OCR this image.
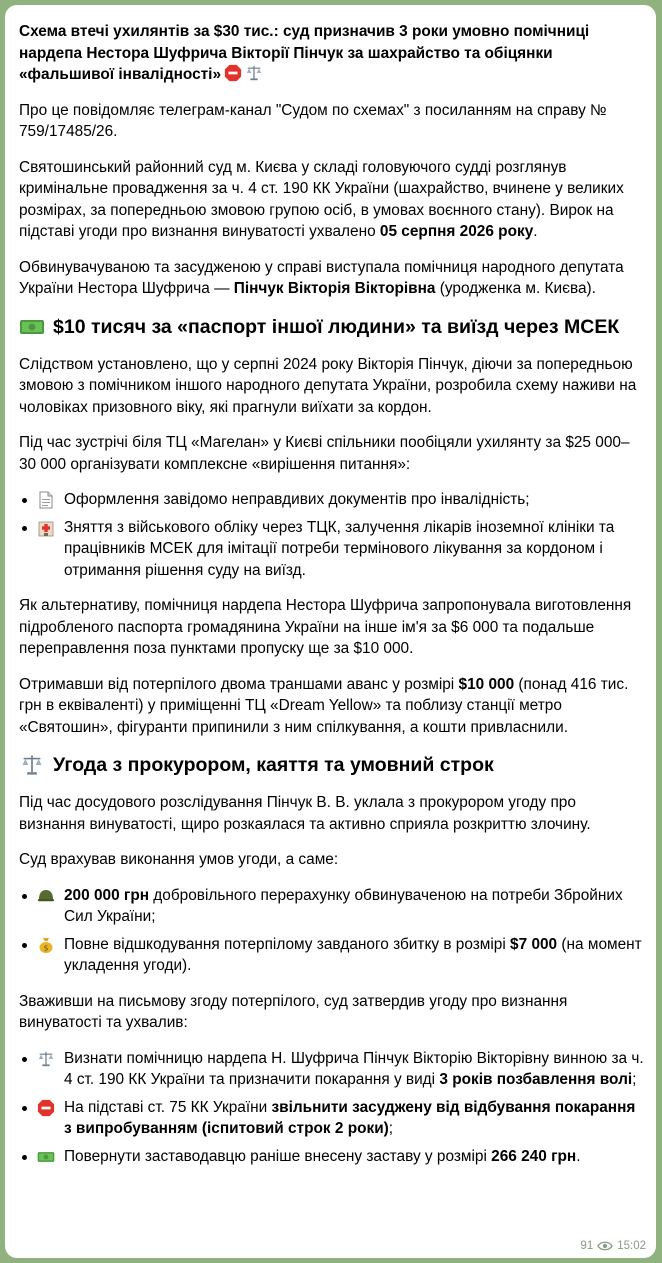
Схема втечі ухилянтів за $30 тис.: суд призначив 3 роки умовно помічниці нардепа Нестора Шуфрича Вікторії Пінчук за шахрайство та обіцянки «фальшивої інвалідності»

Про це повідомляє телеграм-канал "Судом по схемах" з посиланням на справу № 759/17485/26.

Святошинський районний суд м. Києва у складі головуючого судді розглянув кримінальне провадження за ч. 4 ст. 190 КК України (шахрайство, вчинене у великих розмірах, за попередньою змовою групою осіб, в умовах воєнного стану). Вирок на підставі угоди про визнання винуватості ухвалено 05 серпня 2026 року.

Обвинувачуваною та засудженою у справі виступала помічниця народного депутата України Нестора Шуфрича — Пінчук Вікторія Вікторівна (уродженка м. Києва).

$10 тисяч за «паспорт іншої людини» та виїзд через МСЕК

Слідством установлено, що у серпні 2024 року Вікторія Пінчук, діючи за попередньою змовою з помічником іншого народного депутата України, розробила схему наживи на чоловіках призовного віку, які прагнули виїхати за кордон.

Під час зустрічі біля ТЦ «Магелан» у Києві спільники пообіцяли ухилянту за $25 000–30 000 організувати комплексне «вирішення питання»:

Оформлення завідомо неправдивих документів про інвалідність;
Зняття з військового обліку через ТЦК, залучення лікарів іноземної клініки та працівників МСЕК для імітації потреби термінового лікування за кордоном і отримання рішення суду на виїзд.

Як альтернативу, помічниця нардепа Нестора Шуфрича запропонувала виготовлення підробленого паспорта громадянина України на інше ім'я за $6 000 та подальше переправлення поза пунктами пропуску ще за $10 000.

Отримавши від потерпілого двома траншами аванс у розмірі $10 000 (понад 416 тис. грн в еквіваленті) у приміщенні ТЦ «Dream Yellow» та поблизу станції метро «Святошин», фігуранти припинили з ним спілкування, а кошти привласнили.

Угода з прокурором, каяття та умовний строк

Під час досудового розслідування Пінчук В. В. уклала з прокурором угоду про визнання винуватості, щиро розкаялася та активно сприяла розкриттю злочину.

Суд врахував виконання умов угоди, а саме:

200 000 грн добровільного перерахунку обвинуваченою на потреби Збройних Сил України;
$ Повне відшкодування потерпілому завданого збитку в розмірі $7 000 (на момент укладення угоди).

Зваживши на письмову згоду потерпілого, суд затвердив угоду про визнання винуватості та ухвалив:

Визнати помічницю нардепа Н. Шуфрича Пінчук Вікторію Вікторівну винною за ч. 4 ст. 190 КК України та призначити покарання у виді 3 років позбавлення волі;
На підставі ст. 75 КК України звільнити засуджену від відбування покарання з випробуванням (іспитовий строк 2 роки);
Повернути заставодавцю раніше внесену заставу у розмірі 266 240 грн.
91 15:02
